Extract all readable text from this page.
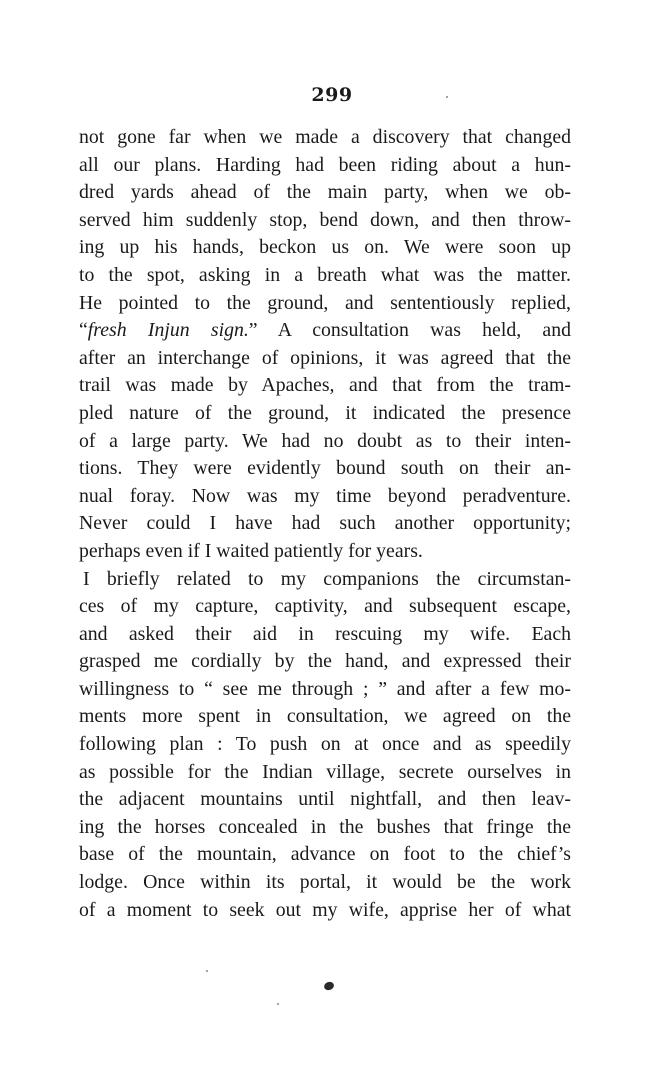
299
not gone far when we made a discovery that changed
all our plans. Harding had been riding about a hun-
dred yards ahead of the main party, when we ob-
served him suddenly stop, bend down, and then throw-
ing up his hands, beckon us on. We were soon up
to the spot, asking in a breath what was the matter.
He pointed to the ground, and sententiously replied,
“fresh Injun sign.” A consultation was held, and
after an interchange of opinions, it was agreed that the
trail was made by Apaches, and that from the tram-
pled nature of the ground, it indicated the presence
of a large party. We had no doubt as to their inten-
tions. They were evidently bound south on their an-
nual foray. Now was my time beyond peradventure.
Never could I have had such another opportunity;
perhaps even if I waited patiently for years.
I briefly related to my companions the circumstan-
ces of my capture, captivity, and subsequent escape,
and asked their aid in rescuing my wife. Each
grasped me cordially by the hand, and expressed their
willingness to “ see me through ; ” and after a few mo-
ments more spent in consultation, we agreed on the
following plan : To push on at once and as speedily
as possible for the Indian village, secrete ourselves in
the adjacent mountains until nightfall, and then leav-
ing the horses concealed in the bushes that fringe the
base of the mountain, advance on foot to the chief’s
lodge. Once within its portal, it would be the work
of a moment to seek out my wife, apprise her of what
